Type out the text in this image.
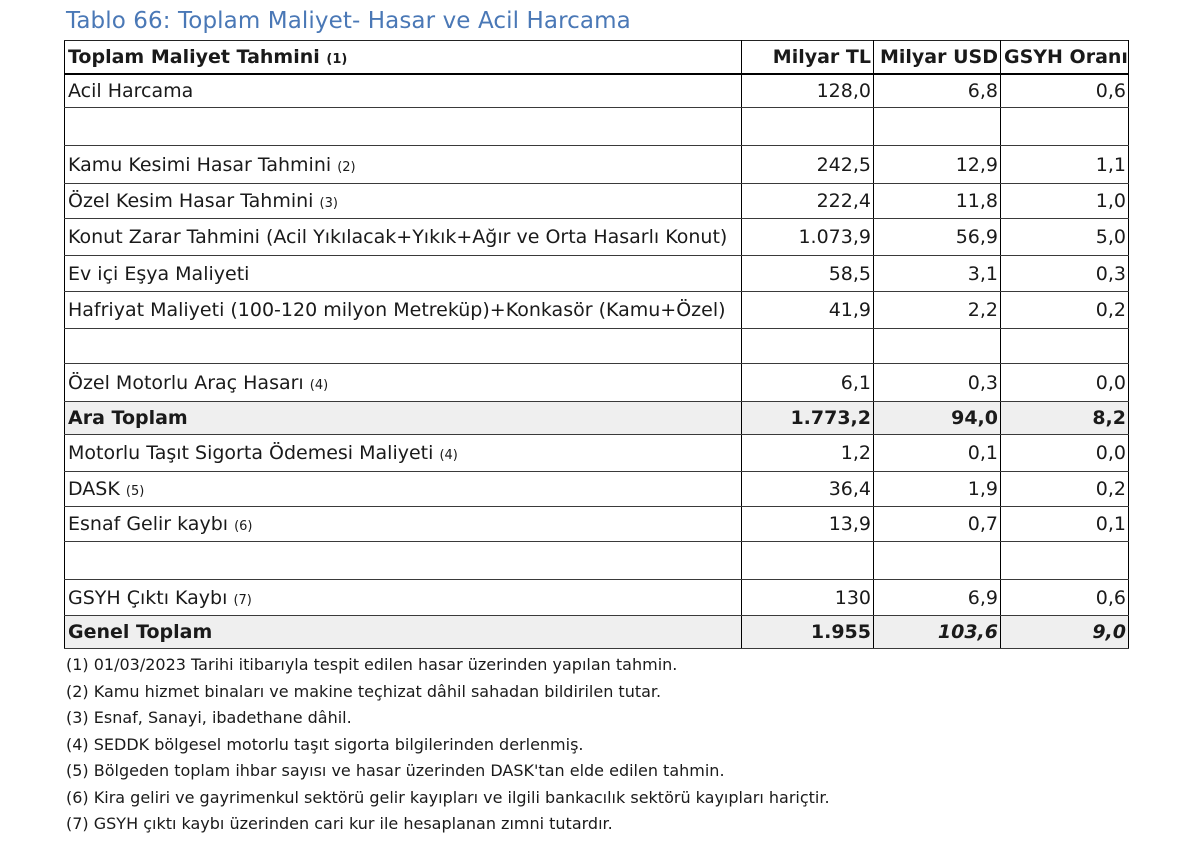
Tablo 66: Toplam Maliyet- Hasar ve Acil Harcama
Toplam Maliyet Tahmini (1)	Milyar TL	Milyar USD	GSYH Oranı
Acil Harcama	128,0	6,8	0,6

Kamu Kesimi Hasar Tahmini (2)	242,5	12,9	1,1
Özel Kesim Hasar Tahmini (3)	222,4	11,8	1,0
Konut Zarar Tahmini (Acil Yıkılacak+Yıkık+Ağır ve Orta Hasarlı Konut)	1.073,9	56,9	5,0
Ev içi Eşya Maliyeti	58,5	3,1	0,3
Hafriyat Maliyeti (100-120 milyon Metreküp)+Konkasör (Kamu+Özel)	41,9	2,2	0,2

Özel Motorlu Araç Hasarı (4)	6,1	0,3	0,0
Ara Toplam	1.773,2	94,0	8,2
Motorlu Taşıt Sigorta Ödemesi Maliyeti (4)	1,2	0,1	0,0
DASK (5)	36,4	1,9	0,2
Esnaf Gelir kaybı (6)	13,9	0,7	0,1

GSYH Çıktı Kaybı (7)	130	6,9	0,6
Genel Toplam	1.955	103,6	9,0
(1) 01/03/2023 Tarihi itibarıyla tespit edilen hasar üzerinden yapılan tahmin.
(2) Kamu hizmet binaları ve makine teçhizat dâhil sahadan bildirilen tutar.
(3) Esnaf, Sanayi, ibadethane dâhil.
(4) SEDDK bölgesel motorlu taşıt sigorta bilgilerinden derlenmiş.
(5) Bölgeden toplam ihbar sayısı ve hasar üzerinden DASK'tan elde edilen tahmin.
(6) Kira geliri ve gayrimenkul sektörü gelir kayıpları ve ilgili bankacılık sektörü kayıpları hariçtir.
(7) GSYH çıktı kaybı üzerinden cari kur ile hesaplanan zımni tutardır.
